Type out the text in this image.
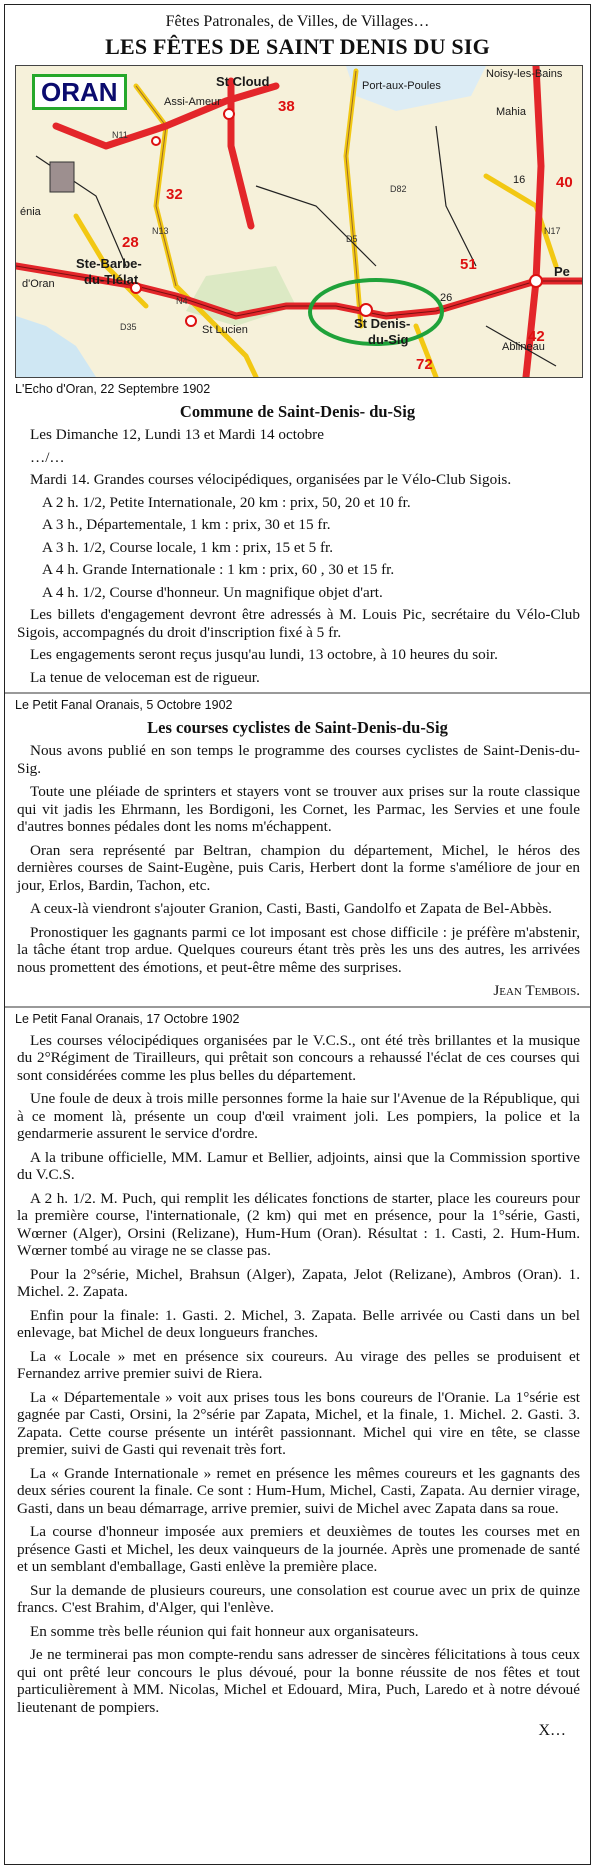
Fêtes Patronales, de Villes, de Villages…
LES FÊTES DE SAINT DENIS DU SIG
ORAN	St Cloud
Assi-Ameur
Port-aux-Poules
Noisy-les-Bains
Ste-Barbe-
du-Tlélat
St Lucien	St Denis-
du-Sig
d'Oran
énia
Mahia
Ablineau
Pe
38
32
28
51
42
72
40
26
16
N11
N13
N4
D35
D5
D82
N17
L'Echo d'Oran, 22 Septembre 1902
Commune de Saint-Denis- du-Sig

Les Dimanche 12, Lundi 13 et Mardi 14 octobre

…/…

Mardi 14. Grandes courses vélocipédiques, organisées par le Vélo-Club Sigois.

A 2 h. 1/2, Petite Internationale, 20 km : prix, 50, 20 et 10 fr.

A 3 h., Départementale, 1 km : prix, 30 et 15 fr.

A 3 h. 1/2, Course locale, 1 km : prix, 15 et 5 fr.

A 4 h. Grande Internationale : 1 km : prix, 60 , 30 et 15 fr.

A 4 h. 1/2, Course d'honneur. Un magnifique objet d'art.

Les billets d'engagement devront être adressés à M. Louis Pic, secrétaire du Vélo-Club Sigois, accompagnés du droit d'inscription fixé à 5 fr.

Les engagements seront reçus jusqu'au lundi, 13 octobre, à 10 heures du soir.

La tenue de veloceman est de rigueur.

Le Petit Fanal Oranais, 5 Octobre 1902
Les courses cyclistes de Saint-Denis-du-Sig

Nous avons publié en son temps le programme des courses cyclistes de Saint-Denis-du-Sig.

Toute une pléiade de sprinters et stayers vont se trouver aux prises sur la route classique qui vit jadis les Ehrmann, les Bordigoni, les Cornet, les Parmac, les Servies et une foule d'autres bonnes pédales dont les noms m'échappent.

Oran sera représenté par Beltran, champion du département, Michel, le héros des dernières courses de Saint-Eugène, puis Caris, Herbert dont la forme s'améliore de jour en jour, Erlos, Bardin, Tachon, etc.

A ceux-là viendront s'ajouter Granion, Casti, Basti, Gandolfo et Zapata de Bel-Abbès.

Pronostiquer les gagnants parmi ce lot imposant est chose difficile : je préfère m'abstenir, la tâche étant trop ardue. Quelques coureurs étant très près les uns des autres, les arrivées nous promettent des émotions, et peut-être même des surprises.

Jean Tembois.

Le Petit Fanal Oranais, 17 Octobre 1902

Les courses vélocipédiques organisées par le V.C.S., ont été très brillantes et la musique du 2°Régiment de Tirailleurs, qui prêtait son concours a rehaussé l'éclat de ces courses qui sont considérées comme les plus belles du département.

Une foule de deux à trois mille personnes forme la haie sur l'Avenue de la République, qui à ce moment là, présente un coup d'œil vraiment joli. Les pompiers, la police et la gendarmerie assurent le service d'ordre.

A la tribune officielle, MM. Lamur et Bellier, adjoints, ainsi que la Commission sportive du V.C.S.

A 2 h. 1/2. M. Puch, qui remplit les délicates fonctions de starter, place les coureurs pour la première course, l'internationale, (2 km) qui met en présence, pour la 1°série, Gasti, Wœrner (Alger), Orsini (Relizane), Hum-Hum (Oran). Résultat : 1. Casti, 2. Hum-Hum. Wœrner tombé au virage ne se classe pas.

Pour la 2°série, Michel, Brahsun (Alger), Zapata, Jelot (Relizane), Ambros (Oran). 1. Michel. 2. Zapata.

Enfin pour la finale: 1. Gasti. 2. Michel, 3. Zapata. Belle arrivée ou Casti dans un bel enlevage, bat Michel de deux longueurs franches.

La « Locale » met en présence six coureurs. Au virage des pelles se produisent et Fernandez arrive premier suivi de Riera.

La « Départementale » voit aux prises tous les bons coureurs de l'Oranie. La 1°série est gagnée par Casti, Orsini, la 2°série par Zapata, Michel, et la finale, 1. Michel. 2. Gasti. 3. Zapata. Cette course présente un intérêt passionnant. Michel qui vire en tête, se classe premier, suivi de Gasti qui revenait très fort.

La « Grande Internationale » remet en présence les mêmes coureurs et les gagnants des deux séries courent la finale. Ce sont : Hum-Hum, Michel, Casti, Zapata. Au dernier virage, Gasti, dans un beau démarrage, arrive premier, suivi de Michel avec Zapata dans sa roue.

La course d'honneur imposée aux premiers et deuxièmes de toutes les courses met en présence Gasti et Michel, les deux vainqueurs de la journée. Après une promenade de santé et un semblant d'emballage, Gasti enlève la première place.

Sur la demande de plusieurs coureurs, une consolation est courue avec un prix de quinze francs. C'est Brahim, d'Alger, qui l'enlève.

En somme très belle réunion qui fait honneur aux organisateurs.

Je ne terminerai pas mon compte-rendu sans adresser de sincères félicitations à tous ceux qui ont prêté leur concours le plus dévoué, pour la bonne réussite de nos fêtes et tout particulièrement à MM. Nicolas, Michel et Edouard, Mira, Puch, Laredo et à notre dévoué lieutenant de pompiers.

X…
